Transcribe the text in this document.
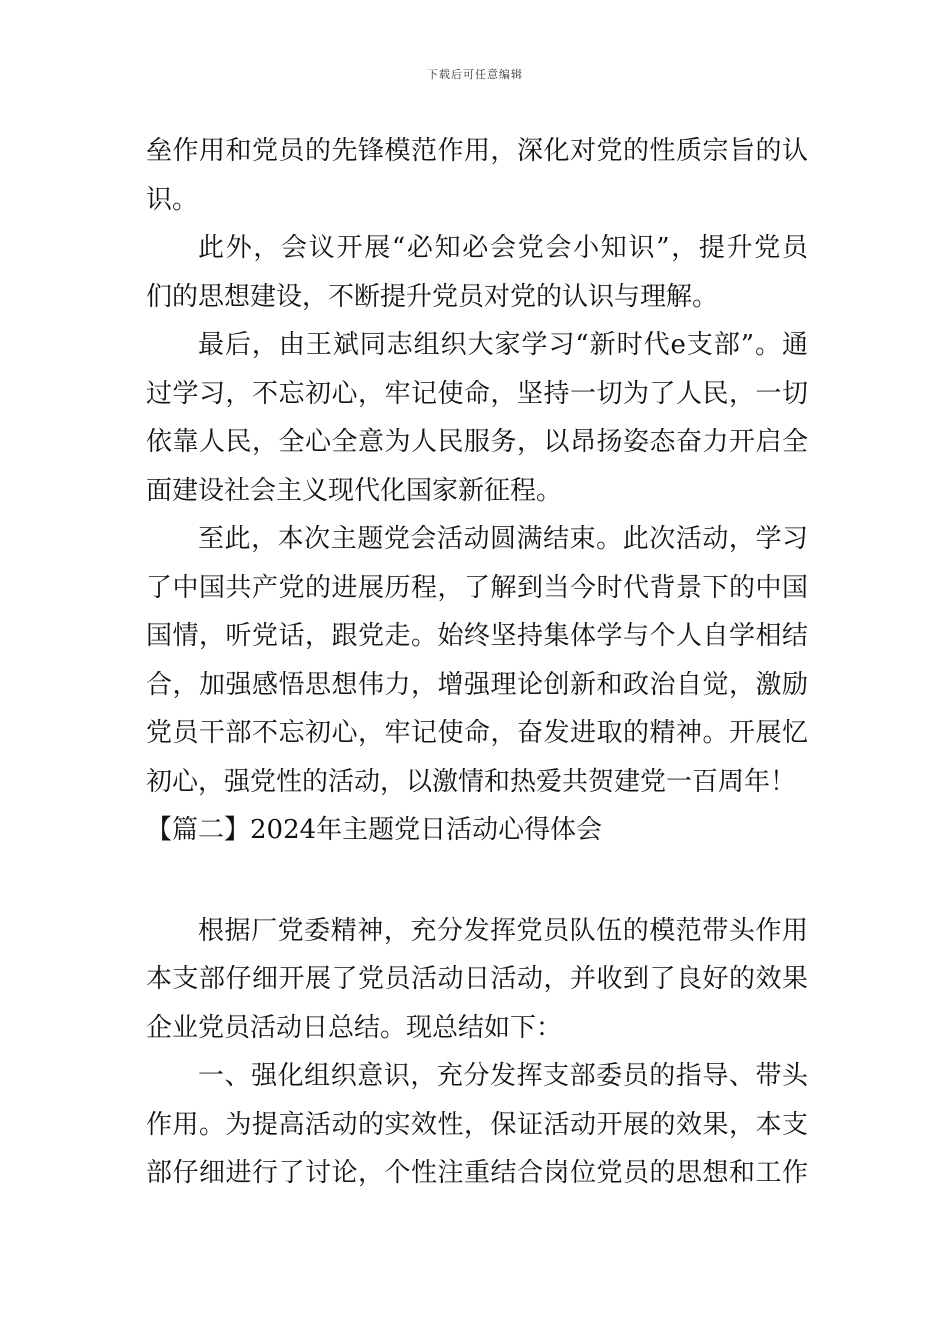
下载后可任意编辑
垒作用和党员的先锋模范作用，深化对党的性质宗旨的认
识。
此外，会议开展“必知必会党会小知识”，提升党员
们的思想建设，不断提升党员对党的认识与理解。
最后，由王斌同志组织大家学习“新时代e支部”。通
过学习，不忘初心，牢记使命，坚持一切为了人民，一切
依靠人民，全心全意为人民服务，以昂扬姿态奋力开启全
面建设社会主义现代化国家新征程。
至此，本次主题党会活动圆满结束。此次活动，学习
了中国共产党的进展历程，了解到当今时代背景下的中国
国情，听党话，跟党走。始终坚持集体学与个人自学相结
合，加强感悟思想伟力，增强理论创新和政治自觉，激励
党员干部不忘初心，牢记使命，奋发进取的精神。开展忆
初心，强党性的活动，以激情和热爱共贺建党一百周年！
【篇二】2024年主题党日活动心得体会
根据厂党委精神，充分发挥党员队伍的模范带头作用
本支部仔细开展了党员活动日活动，并收到了良好的效果
企业党员活动日总结。现总结如下：
一、强化组织意识，充分发挥支部委员的指导、带头
作用。为提高活动的实效性，保证活动开展的效果，本支
部仔细进行了讨论，个性注重结合岗位党员的思想和工作
